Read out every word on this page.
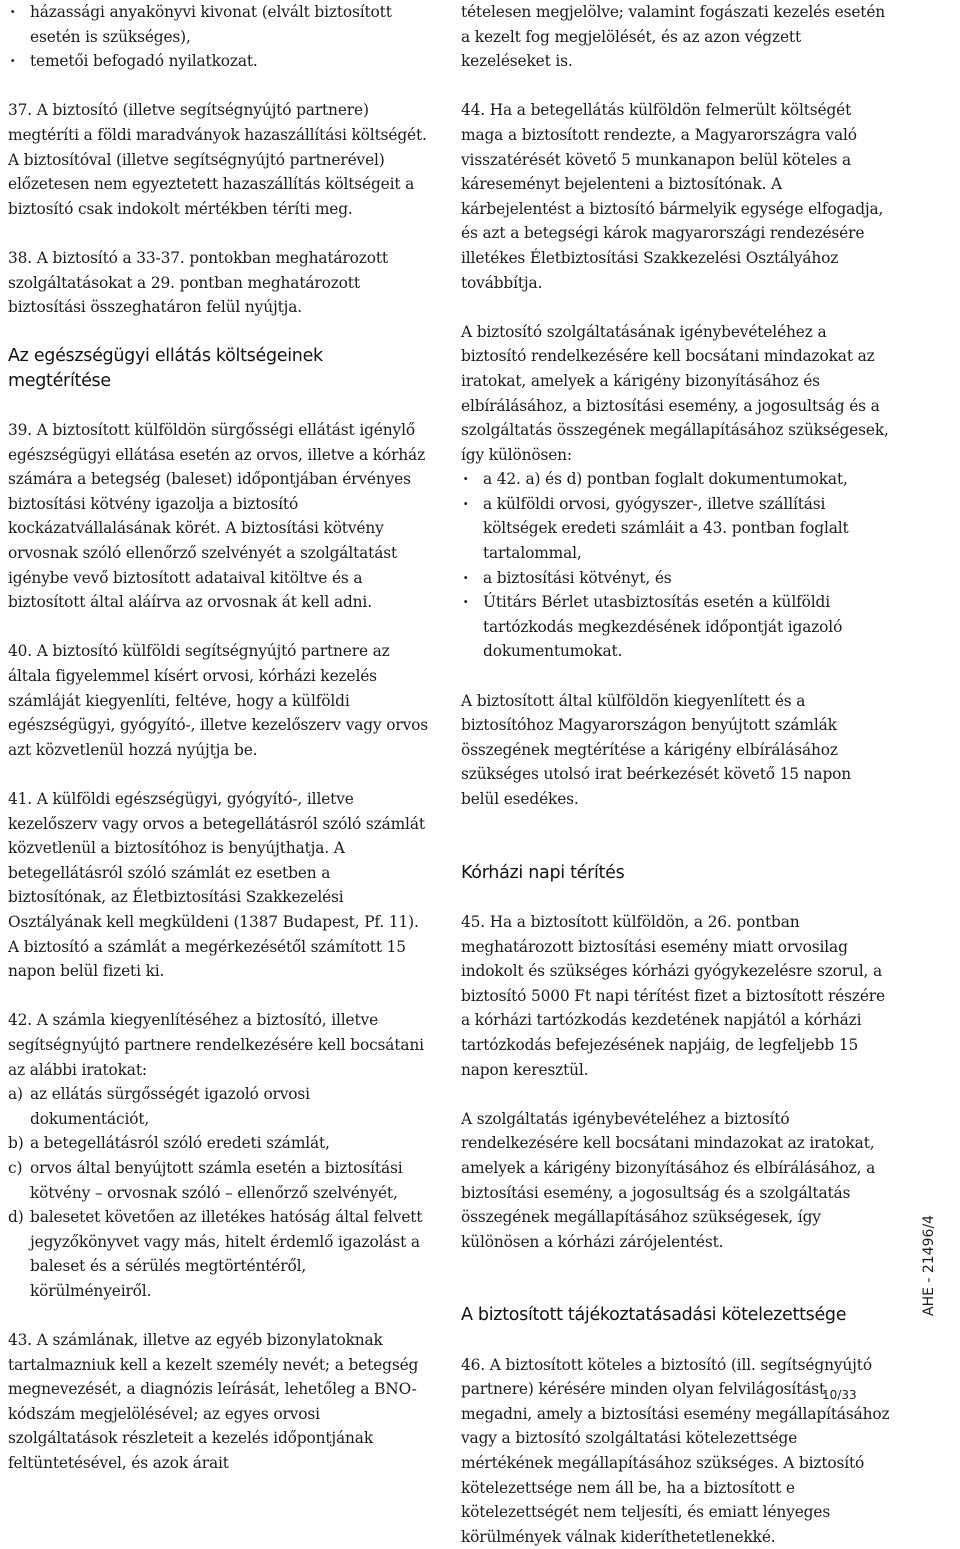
· házassági anyakönyvi kivonat (elvált biztosított esetén is szükséges),

· temetői befogadó nyilatkozat.

37. A biztosító (illetve segítségnyújtó partnere) megtéríti a földi maradványok hazaszállítási költségét. A biztosítóval (illetve segítségnyújtó partnerével) előzetesen nem egyeztetett hazaszállítás költségeit a biztosító csak indokolt mértékben téríti meg.

38. A biztosító a 33-37. pontokban meghatározott szolgáltatásokat a 29. pontban meghatározott biztosítási összeghatáron felül nyújtja.

Az egészségügyi ellátás költségeinek megtérítése

39. A biztosított külföldön sürgősségi ellátást igénylő egészségügyi ellátása esetén az orvos, illetve a kórház számára a betegség (baleset) időpontjában érvényes biztosítási kötvény igazolja a biztosító kockázatvállalásának körét. A biztosítási kötvény orvosnak szóló ellenőrző szelvényét a szolgáltatást igénybe vevő biztosított adataival kitöltve és a biztosított által aláírva az orvosnak át kell adni.

40. A biztosító külföldi segítségnyújtó partnere az általa figyelemmel kísért orvosi, kórházi kezelés számláját kiegyenlíti, feltéve, hogy a külföldi egészségügyi, gyógyító-, illetve kezelőszerv vagy orvos azt közvetlenül hozzá nyújtja be.

41. A külföldi egészségügyi, gyógyító-, illetve kezelőszerv vagy orvos a betegellátásról szóló számlát közvetlenül a biztosítóhoz is benyújthatja. A betegellátásról szóló számlát ez esetben a biztosítónak, az Életbiztosítási Szakkezelési Osztályának kell megküldeni (1387 Budapest, Pf. 11). A biztosító a számlát a megérkezésétől számított 15 napon belül fizeti ki.

42. A számla kiegyenlítéséhez a biztosító, illetve segítségnyújtó partnere rendelkezésére kell bocsátani az alábbi iratokat:

a) az ellátás sürgősségét igazoló orvosi dokumentációt,

b) a betegellátásról szóló eredeti számlát,

c) orvos által benyújtott számla esetén a biztosítási kötvény – orvosnak szóló – ellenőrző szelvényét,

d) balesetet követően az illetékes hatóság által felvett jegyzőkönyvet vagy más, hitelt érdemlő igazolást a baleset és a sérülés megtörténtéről, körülményeiről.

43. A számlának, illetve az egyéb bizonylatoknak tartalmazniuk kell a kezelt személy nevét; a betegség megnevezését, a diagnózis leírását, lehetőleg a BNO-kódszám megjelölésével; az egyes orvosi szolgáltatások részleteit a kezelés időpontjának feltüntetésével, és azok árait

tételesen megjelölve; valamint fogászati kezelés esetén a kezelt fog megjelölését, és az azon végzett kezeléseket is.

44. Ha a betegellátás külföldön felmerült költségét maga a biztosított rendezte, a Magyarországra való visszatérését követő 5 munkanapon belül köteles a káreseményt bejelenteni a biztosítónak. A kárbejelentést a biztosító bármelyik egysége elfogadja, és azt a betegségi károk magyarországi rendezésére illetékes Életbiztosítási Szakkezelési Osztályához továbbítja.

A biztosító szolgáltatásának igénybevételéhez a biztosító rendelkezésére kell bocsátani mindazokat az iratokat, amelyek a kárigény bizonyításához és elbírálásához, a biztosítási esemény, a jogosultság és a szolgáltatás összegének megállapításához szükségesek, így különösen:

· a 42. a) és d) pontban foglalt dokumentumokat,

· a külföldi orvosi, gyógyszer-, illetve szállítási költségek eredeti számláit a 43. pontban foglalt tartalommal,

· a biztosítási kötvényt, és

· Útitárs Bérlet utasbiztosítás esetén a külföldi tartózkodás megkezdésének időpontját igazoló dokumentumokat.

A biztosított által külföldön kiegyenlített és a biztosítóhoz Magyarországon benyújtott számlák összegének megtérítése a kárigény elbírálásához szükséges utolsó irat beérkezését követő 15 napon belül esedékes.

Kórházi napi térítés

45. Ha a biztosított külföldön, a 26. pontban meghatározott biztosítási esemény miatt orvosilag indokolt és szükséges kórházi gyógykezelésre szorul, a biztosító 5000 Ft napi térítést fizet a biztosított részére a kórházi tartózkodás kezdetének napjától a kórházi tartózkodás befejezésének napjáig, de legfeljebb 15 napon keresztül.

A szolgáltatás igénybevételéhez a biztosító rendelkezésére kell bocsátani mindazokat az iratokat, amelyek a kárigény bizonyításához és elbírálásához, a biztosítási esemény, a jogosultság és a szolgáltatás összegének megállapításához szükségesek, így különösen a kórházi zárójelentést.

A biztosított tájékoztatásadási kötelezettsége

46. A biztosított köteles a biztosító (ill. segítségnyújtó partnere) kérésére minden olyan felvilágosítást megadni, amely a biztosítási esemény megállapításához vagy a biztosító szolgáltatási kötelezettsége mértékének megállapításához szükséges. A biztosító kötelezettsége nem áll be, ha a biztosított e kötelezettségét nem teljesíti, és emiatt lényeges körülmények válnak kideríthetetlenekké.

AHE - 21496/4
10/33
